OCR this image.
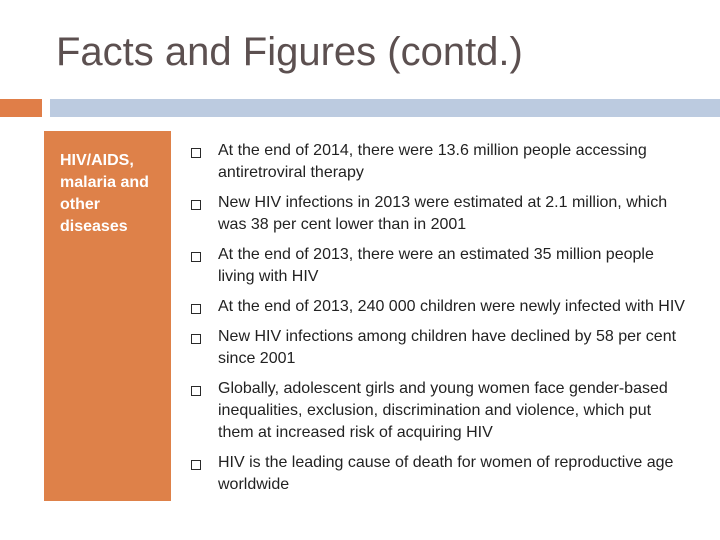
Facts and Figures (contd.)
HIV/AIDS, malaria and other diseases
At the end of 2014, there were 13.6 million people accessing antiretroviral therapy
New HIV infections in 2013 were estimated at 2.1 million, which was 38 per cent lower than in 2001
At the end of 2013, there were an estimated 35 million people living with HIV
At the end of 2013, 240 000 children were newly infected with HIV
New HIV infections among children have declined by 58 per cent since 2001
Globally, adolescent girls and young women face gender-based inequalities, exclusion, discrimination and violence, which put them at increased risk of acquiring HIV
HIV is the leading cause of death for women of reproductive age worldwide
